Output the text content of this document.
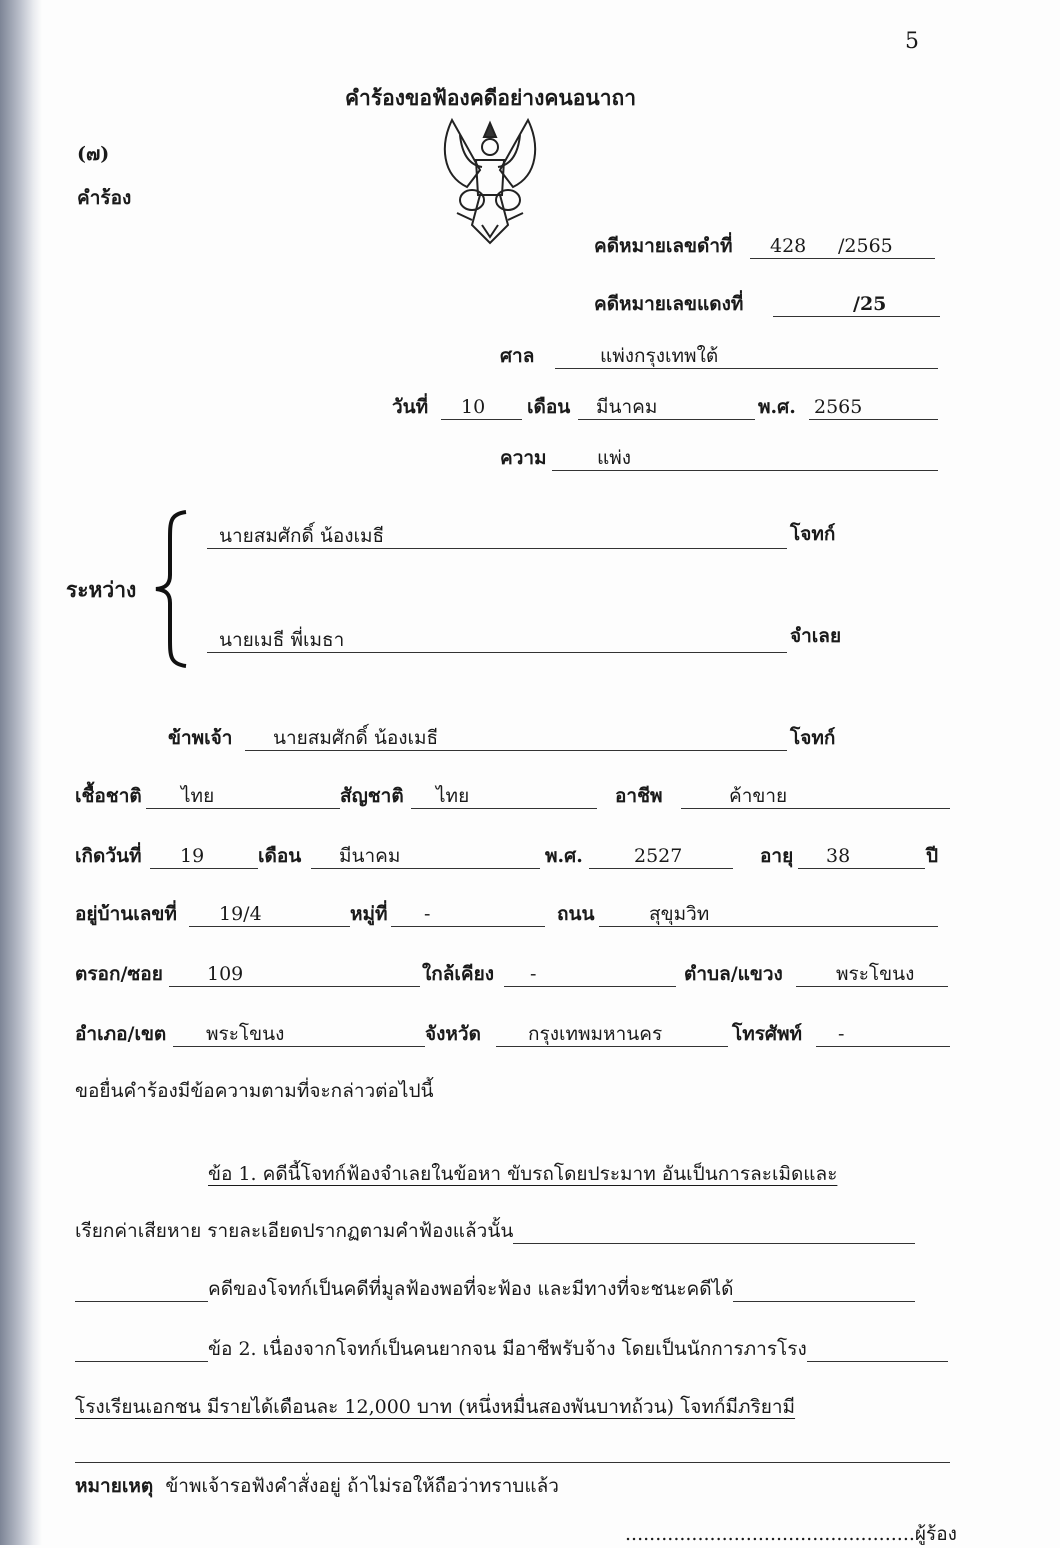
5
คำร้องขอฟ้องคดีอย่างคนอนาถา
(๗)
คำร้อง
คดีหมายเลขดำที่ 428 /2565
คดีหมายเลขแดงที่	/25
ศาล	แพ่งกรุงเทพใต้
วันที่ 10 เดือน มีนาคม	พ.ศ. 2565
ความ	แพ่ง
ระหว่าง
นายสมศักดิ์ น้องเมธี	โจทก์
นายเมธี พี่เมธา	จำเลย
ข้าพเจ้า นายสมศักดิ์ น้องเมธี	โจทก์
เชื้อชาติ ไทย	สัญชาติ ไทย	อาชีพ	ค้าขาย
เกิดวันที่ 19	เดือน มีนาคม	พ.ศ.	2527	อายุ 38	ปี
อยู่บ้านเลขที่ 19/4	หมู่ที่ -	ถนน	สุขุมวิท
ตรอก/ซอย 109	ใกล้เคียง -	ตำบล/แขวง	พระโขนง
อำเภอ/เขต พระโขนง	จังหวัด กรุงเทพมหานคร	โทรศัพท์ -
ขอยื่นคำร้องมีข้อความตามที่จะกล่าวต่อไปนี้
ข้อ 1. คดีนี้โจทก์ฟ้องจำเลยในข้อหา ขับรถโดยประมาท อันเป็นการละเมิดและ
เรียกค่าเสียหาย รายละเอียดปรากฏตามคำฟ้องแล้วนั้น
คดีของโจทก์เป็นคดีที่มูลฟ้องพอที่จะฟ้อง และมีทางที่จะชนะคดีได้
ข้อ 2. เนื่องจากโจทก์เป็นคนยากจน มีอาชีพรับจ้าง โดยเป็นนักการภารโรง
โรงเรียนเอกชน มีรายได้เดือนละ 12,000 บาท (หนึ่งหมื่นสองพันบาทถ้วน) โจทก์มีภริยามี
หมายเหตุ ข้าพเจ้ารอฟังคำสั่งอยู่ ถ้าไม่รอให้ถือว่าทราบแล้ว
................................................ผู้ร้อง
